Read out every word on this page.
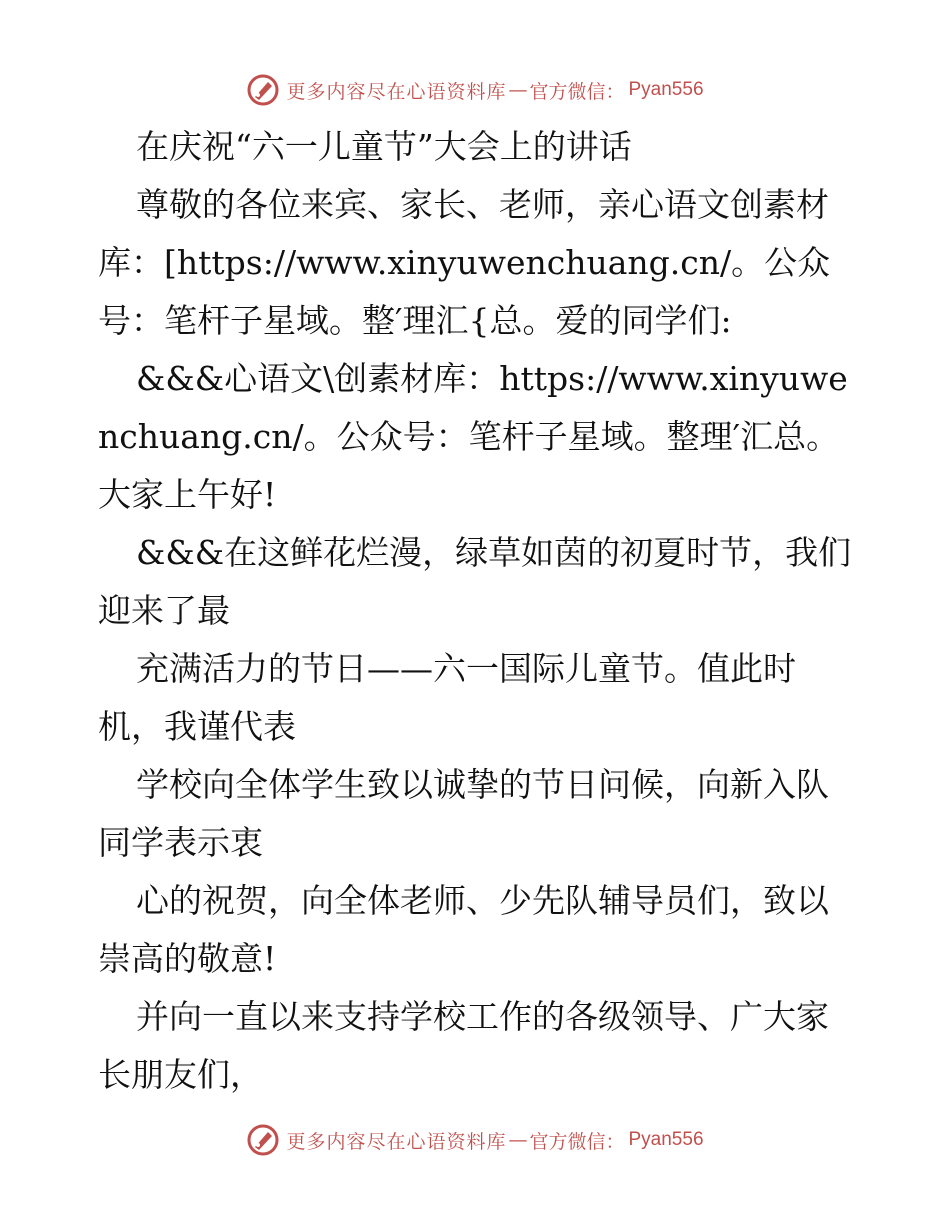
更多内容尽在心语资料库 — 官方微信： Pyan556

在庆祝“六一儿童节”大会上的讲话

尊敬的各位来宾、家长、老师，亲心语文创素材库：[https://www.xinyuwenchuang.cn/。公众号：笔杆子星域。整′理汇{总。爱的同学们:

&&&心语文\创素材库：https://www.xinyuwenchuang.cn/。公众号：笔杆子星域。整理′汇总。大家上午好!

&&&在这鲜花烂漫，绿草如茵的初夏时节，我们迎来了最

充满活力的节日——六一国际儿童节。值此时机，我谨代表

学校向全体学生致以诚挚的节日问候，向新入队同学表示衷

心的祝贺，向全体老师、少先队辅导员们，致以崇高的敬意!

并向一直以来支持学校工作的各级领导、广大家长朋友们，

更多内容尽在心语资料库 — 官方微信： Pyan556
